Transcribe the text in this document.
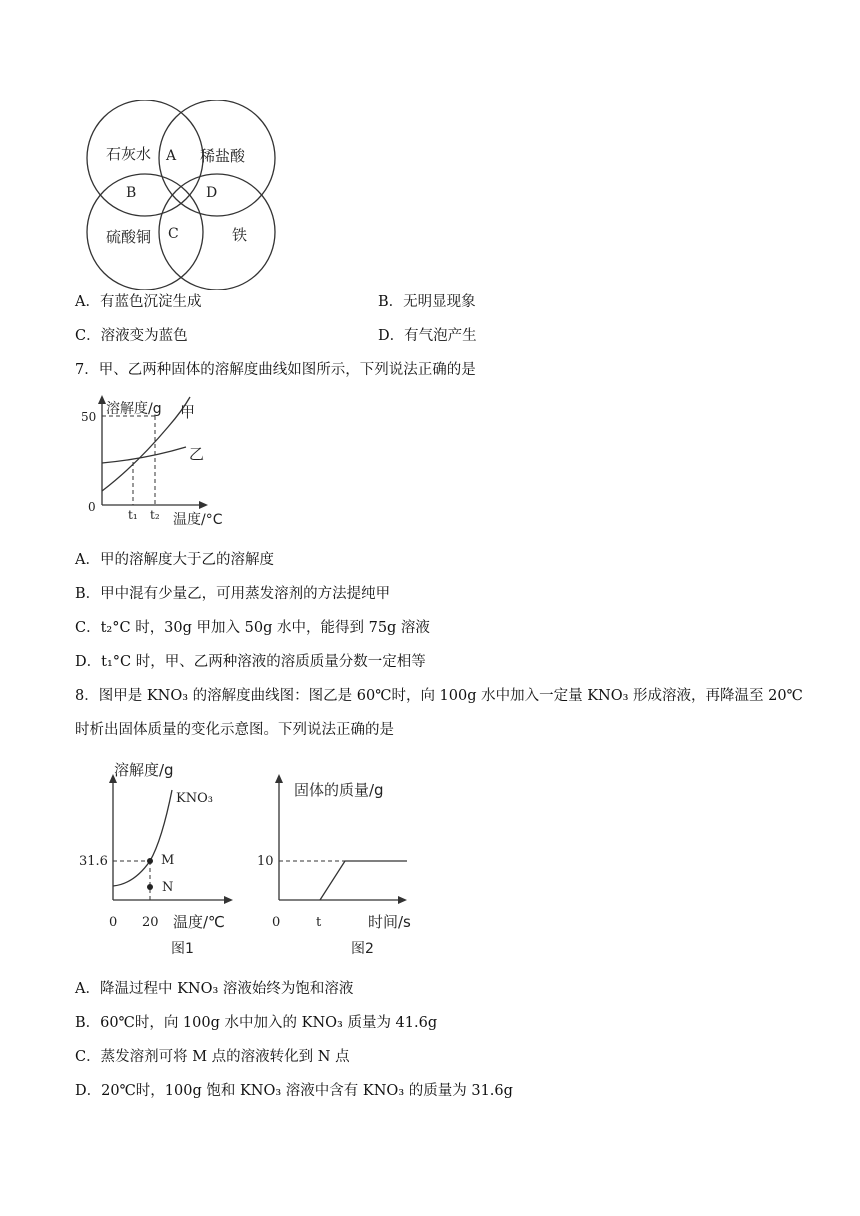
石灰水	稀盐酸
硫酸铜	铁
A
B
C
D
A．有蓝色沉淀生成	B．无明显现象
C．溶液变为蓝色	D．有气泡产生
7．甲、乙两种固体的溶解度曲线如图所示，下列说法正确的是
溶解度/g 甲
乙
50
0
t₁ t₂ 温度/°C
A．甲的溶解度大于乙的溶解度
B．甲中混有少量乙，可用蒸发溶剂的方法提纯甲
C．t₂°C 时，30g 甲加入 50g 水中，能得到 75g 溶液
D．t₁°C 时，甲、乙两种溶液的溶质质量分数一定相等
8．图甲是 KNO₃ 的溶解度曲线图：图乙是 60℃时，向 100g 水中加入一定量 KNO₃ 形成溶液，再降温至 20℃
时析出固体质量的变化示意图。下列说法正确的是
溶解度/g
KNO₃
31.6	M
N
0 20 温度/℃
图1
固体的质量/g
10
0	t	时间/s
图2
A．降温过程中 KNO₃ 溶液始终为饱和溶液
B．60℃时，向 100g 水中加入的 KNO₃ 质量为 41.6g
C．蒸发溶剂可将 M 点的溶液转化到 N 点
D．20℃时，100g 饱和 KNO₃ 溶液中含有 KNO₃ 的质量为 31.6g
